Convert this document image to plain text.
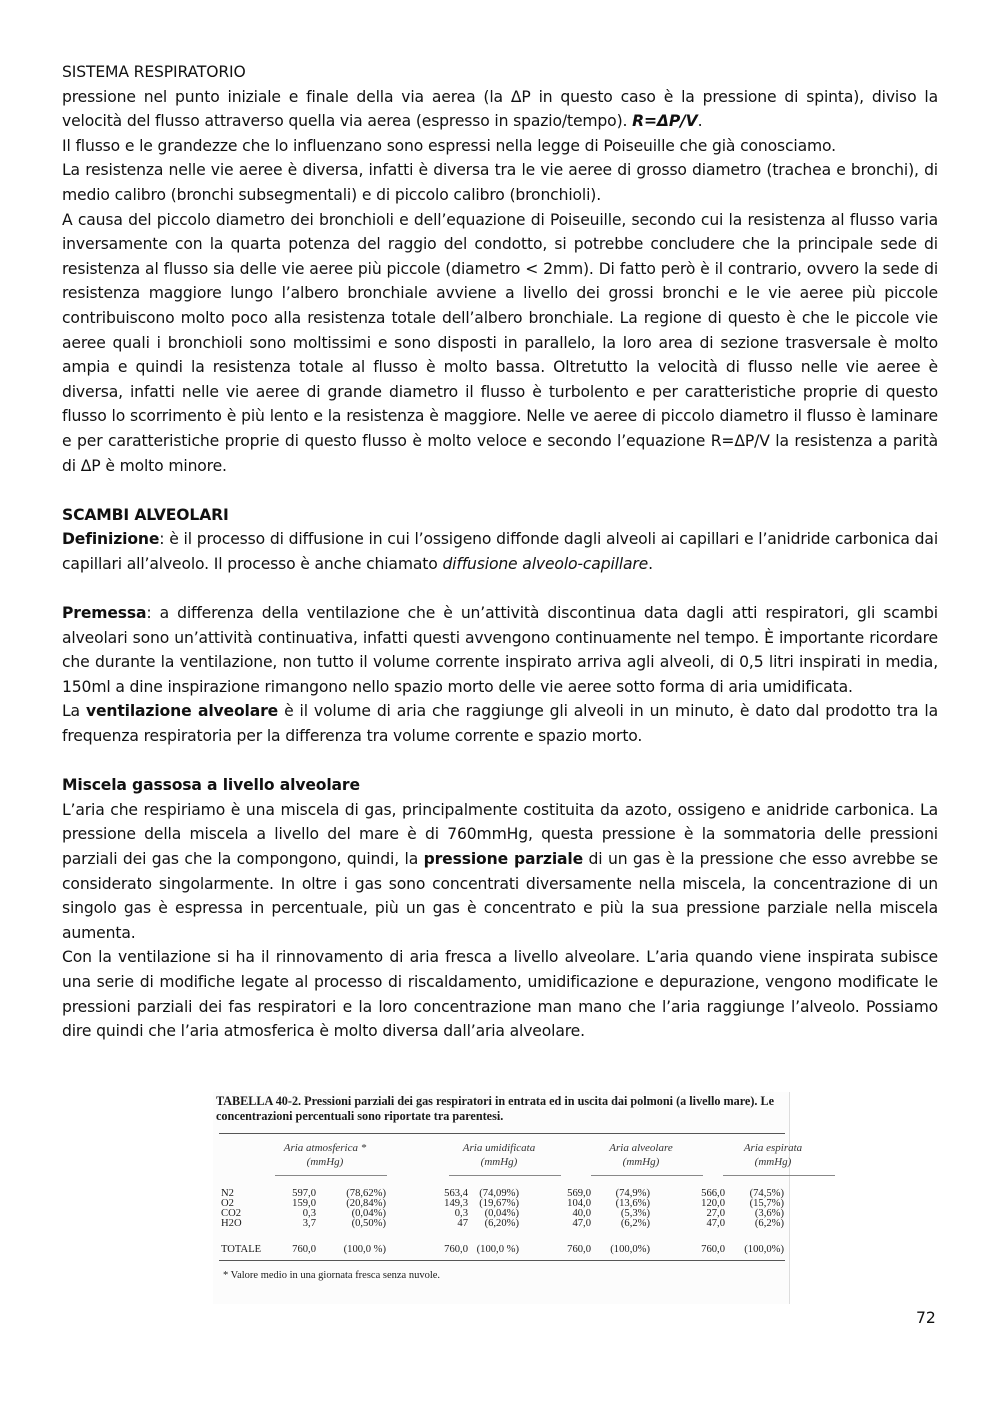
SISTEMA RESPIRATORIO

pressione nel punto iniziale e finale della via aerea (la ΔP in questo caso è la pressione di spinta), diviso la velocità del flusso attraverso quella via aerea (espresso in spazio/tempo). R=ΔP/V.

Il flusso e le grandezze che lo influenzano sono espressi nella legge di Poiseuille che già conosciamo.

La resistenza nelle vie aeree è diversa, infatti è diversa tra le vie aeree di grosso diametro (trachea e bronchi), di medio calibro (bronchi subsegmentali) e di piccolo calibro (bronchioli).

A causa del piccolo diametro dei bronchioli e dell’equazione di Poiseuille, secondo cui la resistenza al flusso varia inversamente con la quarta potenza del raggio del condotto, si potrebbe concludere che la principale sede di resistenza al flusso sia delle vie aeree più piccole (diametro < 2mm). Di fatto però è il contrario, ovvero la sede di resistenza maggiore lungo l’albero bronchiale avviene a livello dei grossi bronchi e le vie aeree più piccole contribuiscono molto poco alla resistenza totale dell’albero bronchiale. La regione di questo è che le piccole vie aeree quali i bronchioli sono moltissimi e sono disposti in parallelo, la loro area di sezione trasversale è molto ampia e quindi la resistenza totale al flusso è molto bassa. Oltretutto la velocità di flusso nelle vie aeree è diversa, infatti nelle vie aeree di grande diametro il flusso è turbolento e per caratteristiche proprie di questo flusso lo scorrimento è più lento e la resistenza è maggiore. Nelle ve aeree di piccolo diametro il flusso è laminare e per caratteristiche proprie di questo flusso è molto veloce e secondo l’equazione R=ΔP/V la resistenza a parità di ΔP è molto minore.

SCAMBI ALVEOLARI

Definizione: è il processo di diffusione in cui l’ossigeno diffonde dagli alveoli ai capillari e l’anidride carbonica dai capillari all’alveolo. Il processo è anche chiamato diffusione alveolo-capillare.

Premessa: a differenza della ventilazione che è un’attività discontinua data dagli atti respiratori, gli scambi alveolari sono un’attività continuativa, infatti questi avvengono continuamente nel tempo. È importante ricordare che durante la ventilazione, non tutto il volume corrente inspirato arriva agli alveoli, di 0,5 litri inspirati in media, 150ml a dine inspirazione rimangono nello spazio morto delle vie aeree sotto forma di aria umidificata.

La ventilazione alveolare è il volume di aria che raggiunge gli alveoli in un minuto, è dato dal prodotto tra la frequenza respiratoria per la differenza tra volume corrente e spazio morto.

Miscela gassosa a livello alveolare

L’aria che respiriamo è una miscela di gas, principalmente costituita da azoto, ossigeno e anidride carbonica. La pressione della miscela a livello del mare è di 760mmHg, questa pressione è la sommatoria delle pressioni parziali dei gas che la compongono, quindi, la pressione parziale di un gas è la pressione che esso avrebbe se considerato singolarmente. In oltre i gas sono concentrati diversamente nella miscela, la concentrazione di un singolo gas è espressa in percentuale, più un gas è concentrato e più la sua pressione parziale nella miscela aumenta.

Con la ventilazione si ha il rinnovamento di aria fresca a livello alveolare. L’aria quando viene inspirata subisce una serie di modifiche legate al processo di riscaldamento, umidificazione e depurazione, vengono modificate le pressioni parziali dei fas respiratori e la loro concentrazione man mano che l’aria raggiunge l’alveolo. Possiamo dire quindi che l’aria atmosferica è molto diversa dall’aria alveolare.

TABELLA 40-2. Pressioni parziali dei gas respiratori in entrata ed in uscita dai polmoni (a livello mare). Le concentrazioni percentuali sono riportate tra parentesi.
Aria atmosferica *
(mmHg)
Aria umidificata
(mmHg)
Aria alveolare
(mmHg)
Aria espirata
(mmHg)
N2	597,0	(78,62%)	563,4 (74,09%)	569,0 (74,9%)	566,0 (74,5%)
O2	159,0	(20,84%)	149,3 (19,67%)	104,0 (13,6%)	120,0 (15,7%)
CO2	0,3	(0,04%)	0,3 (0,04%)	40,0	(5,3%)	27,0	(3,6%)
H2O	3,7	(0,50%)	47 (6,20%)	47,0	(6,2%)	47,0	(6,2%)
TOTALE	760,0	(100,0 %)	760,0 (100,0 %)	760,0 (100,0%)	760,0 (100,0%)
* Valore medio in una giornata fresca senza nuvole.
72
